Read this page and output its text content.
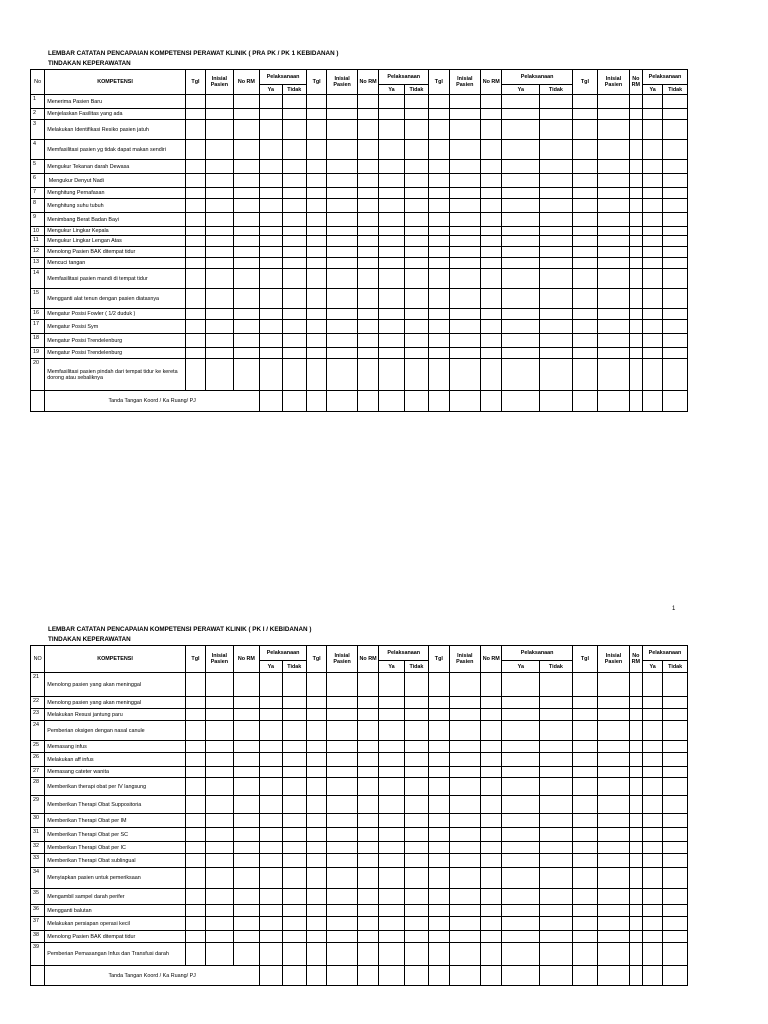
LEMBAR CATATAN PENCAPAIAN KOMPETENSI PERAWAT KLINIK ( PRA PK / PK 1 KEBIDANAN )
TINDAKAN KEPERAWATAN
No	KOMPETENSI	Tgl	Inisial Pasien	No RM	Pelaksanaan		Tgl	Inisial Pasien	No RM	Pelaksanaan		Tgl	Inisial Pasien	No RM	Pelaksanaan		Tgl	Inisial Pasien	No RM	Pelaksanaan	
					Ya	Tidak				Ya	Tidak				Ya	Tidak				Ya	Tidak
1	Menerima Pasien Baru																				
2	Menjelaskan Fasilitas yang ada																				
3	Melakukan Identifikasi Resiko pasien jatuh																				
4	Memfasilitasi pasien yg tidak dapat makan sendiri																				
5	Mengukur Tekanan darah Dewasa																				
6	Mengukur Denyut Nadi																				
7	Menghitung Pernafasan																				
8	Menghitung suhu tubuh																				
9	Menimbang Berat Badan Bayi																				
10	Mengukur Lingkar Kepala																				
11	Mengukur Lingkar Lengan Atas																				
12	Menolong Pasien BAK ditempat tidur																				
13	Mencuci tangan																				
14	Memfasilitasi pasien mandi di tempat tidur																				
15	Mengganti alat tenun dengan pasien diatasnya																				
16	Mengatur Posisi Fowler ( 1/2 duduk )																				
17	Mengatur Posisi Sym																				
18	Mengatur Posisi Trendelenburg																				
19	Mengatur Posisi Trendelenburg																				
20	Memfasilitasi pasien pindah dari tempat tidur ke kereta dorong atau sebaliknya																				
	Tanda Tangan Koord / Ka Ruang/ PJ																				
1
LEMBAR CATATAN PENCAPAIAN KOMPETENSI PERAWAT KLINIK ( PK I / KEBIDANAN )
TINDAKAN KEPERAWATAN
NO	KOMPETENSI	Tgl	Inisial Pasien	No RM	Pelaksanaan		Tgl	Inisial Pasien	No RM	Pelaksanaan		Tgl	Inisial Pasien	No RM	Pelaksanaan		Tgl	Inisial Pasien	No RM	Pelaksanaan	
					Ya	Tidak				Ya	Tidak				Ya	Tidak				Ya	Tidak
21	Menolong pasien yang akan meninggal																				
22	Menolong pasien yang akan meninggal																				
23	Melakukan Resusi jantung paru																				
24	Pemberian oksigen dengan nasal canule																				
25	Memasang infus																				
26	Melakukan aff infus																				
27	Memasang cateter wanita																				
28	Memberikan therapi obat per IV langsung																				
29	Memberikan Therapi Obat Suppositoria																				
30	Memberikan Therapi Obat per IM																				
31	Memberikan Therapi Obat per SC																				
32	Memberikan Therapi Obat per IC																				
33	Memberikan Therapi Obat sublingual																				
34	Menyiapkan pasien untuk pemeriksaan																				
35	Mengambil sampel darah perifer																				
36	Mengganti balutan																				
37	Melakukan persiapan operasi kecil																				
38	Menolong Pasien BAK ditempat tidur																				
39	Pemberian Pemasangan Infus dan Transfusi darah																				
	Tanda Tangan Koord / Ka Ruang/ PJ																				
